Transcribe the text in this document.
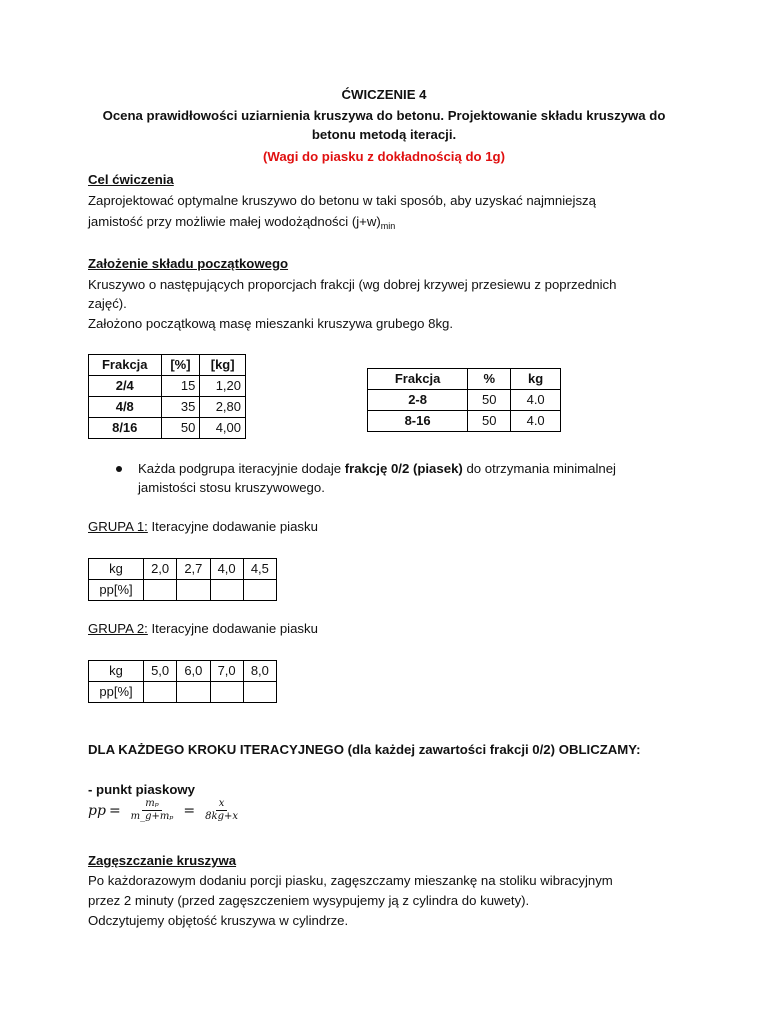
ĆWICZENIE 4
Ocena prawidłowości uziarnienia kruszywa do betonu. Projektowanie składu kruszywa do
betonu metodą iteracji.
(Wagi do piasku z dokładnością do 1g)
Cel ćwiczenia
Zaprojektować optymalne kruszywo do betonu w taki sposób, aby uzyskać najmniejszą
jamistość przy możliwie małej wodożądności $(j+w)_{min}$
Założenie składu początkowego
Kruszywo o następujących proporcjach frakcji (wg dobrej krzywej przesiewu z poprzednich
zajęć).
Założono początkową masę mieszanki kruszywa grubego 8kg.
Frakcja	[%]	[kg]
2/4	15	1,20
4/8	35	2,80
8/16	50	4,00
Frakcja	%	kg
2-8	50	4.0
8-16	50	4.0
Każda podgrupa iteracyjnie dodaje frakcję 0/2 (piasek) do otrzymania minimalnej
jamistości stosu kruszywowego.
GRUPA 1: Iteracyjne dodawanie piasku
kg	2,0	2,7	4,0	4,5
pp[%]				
GRUPA 2: Iteracyjne dodawanie piasku
kg	5,0	6,0	7,0	8,0
pp[%]				
DLA KAŻDEGO KROKU ITERACYJNEGO (dla każdej zawartości frakcji 0/2) OBLICZAMY:
- punkt piaskowy
pp = $\frac{\text{mₚ}}{\text{m\_g+mₚ}} = \frac{x}{8kg+x}$
Zagęszczanie kruszywa
Po każdorazowym dodaniu porcji piasku, zagęszczamy mieszankę na stoliku wibracyjnym
przez 2 minuty (przed zagęszczeniem wysypujemy ją z cylindra do kuwety).
Odczytujemy objętość kruszywa w cylindrze.
